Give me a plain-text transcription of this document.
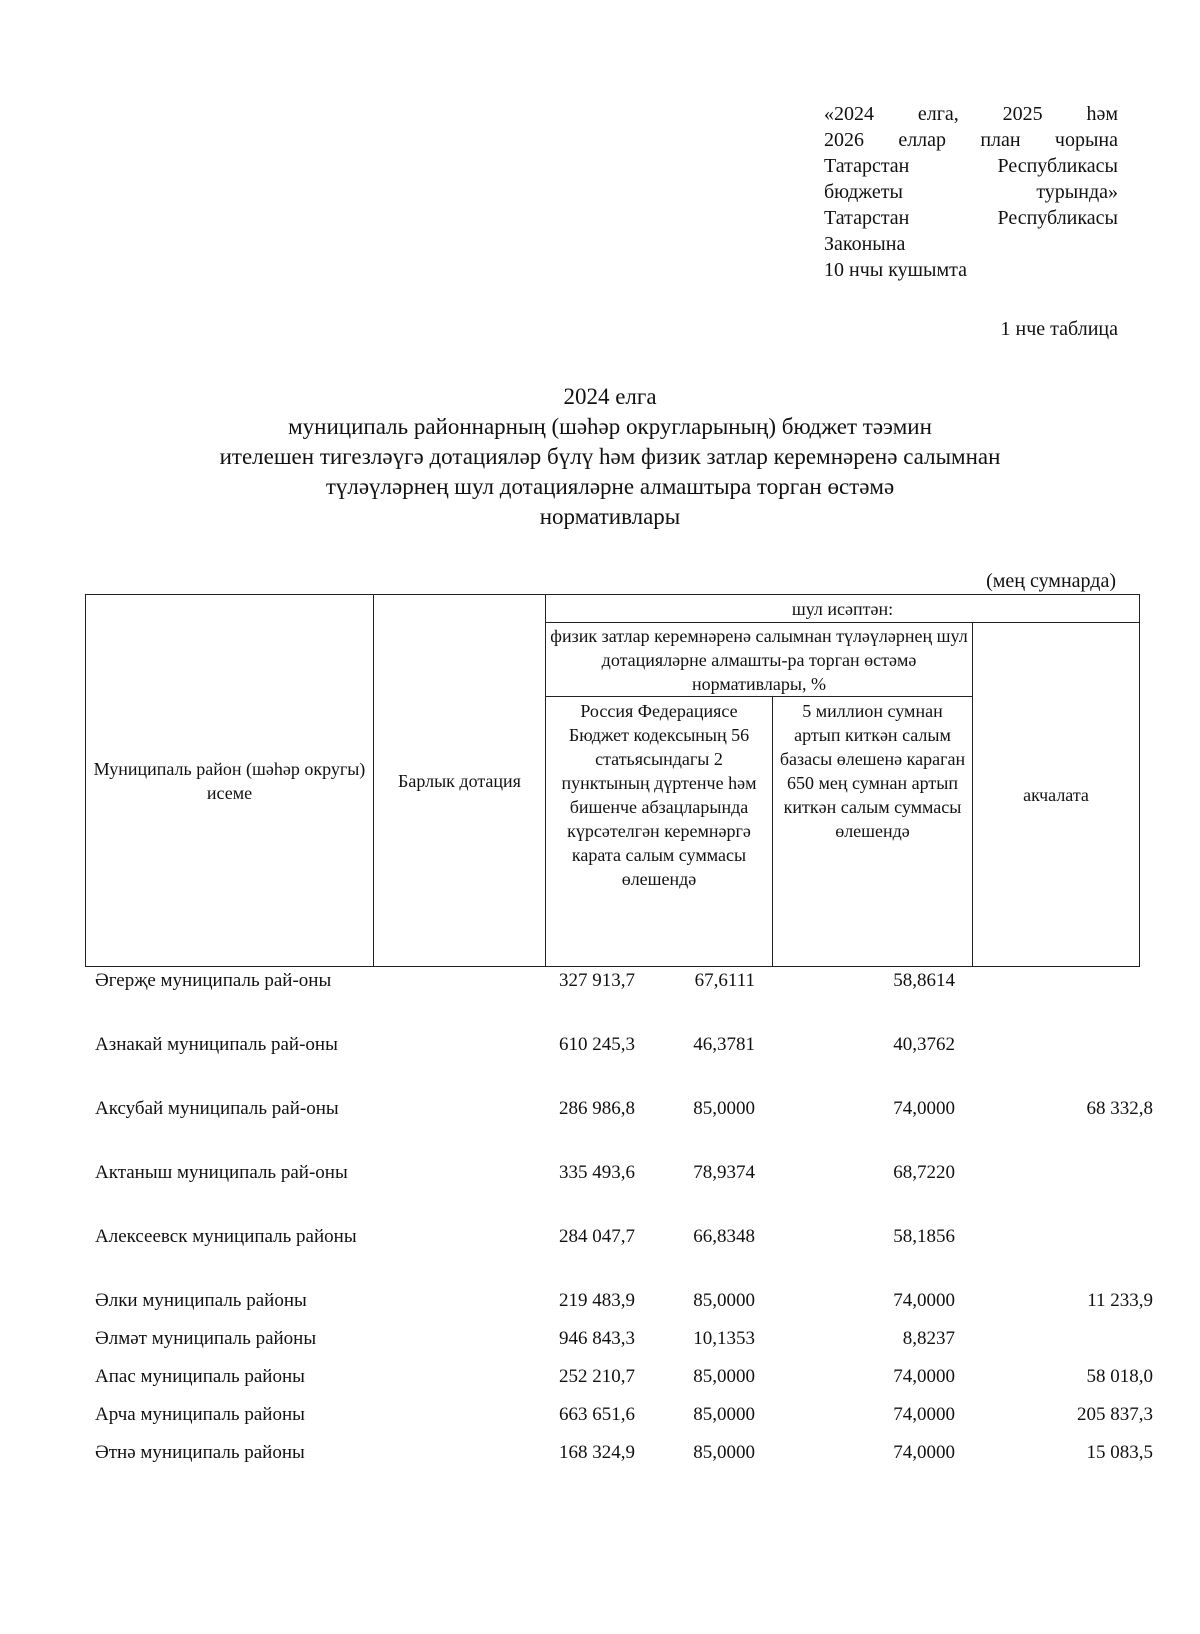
«2024 елга, 2025 һәм
2026 еллар план чорына
Татарстан Республикасы
бюджеты турында»
Татарстан Республикасы
Законына
10 нчы кушымта
1 нче таблица
2024 елга
муниципаль районнарның (шәһәр округларының) бюджет тәэмин
ителешен тигезләүгә дотацияләр бүлү һәм физик затлар керемнәренә салымнан
түләүләрнең шул дотацияләрне алмаштыра торган өстәмә
нормативлары
(мең сумнарда)
Муниципаль район (шәһәр округы) исеме	Барлык дотация	шул исәптән:		
		физик затлар керемнәренә салымнан түләүләрнең шул дотацияләрне алмашты-ра торган өстәмә нормативлары, %		акчалата
		Россия Федерациясе Бюджет кодексының 56 статьясындагы 2 пунктының дүртенче һәм бишенче абзацларында күрсәтелгән керемнәргә карата салым суммасы өлешендә	5 миллион сумнан артып киткән салым базасы өлешенә караган 650 мең сумнан артып киткән салым суммасы өлешендә	
Әгерҗе муниципаль рай-оны	327 913,7	67,6111	58,8614
Азнакай муниципаль рай-оны	610 245,3	46,3781	40,3762
Аксубай муниципаль рай-оны	286 986,8	85,0000	74,0000	68 332,8
Актаныш муниципаль рай-оны	335 493,6	78,9374	68,7220
Алексеевск муниципаль районы	284 047,7	66,8348	58,1856
Әлки муниципаль районы	219 483,9	85,0000	74,0000	11 233,9
Әлмәт муниципаль районы	946 843,3	10,1353	8,8237
Апас муниципаль районы	252 210,7	85,0000	74,0000	58 018,0
Арча муниципаль районы	663 651,6	85,0000	74,0000	205 837,3
Әтнә муниципаль районы	168 324,9	85,0000	74,0000	15 083,5
